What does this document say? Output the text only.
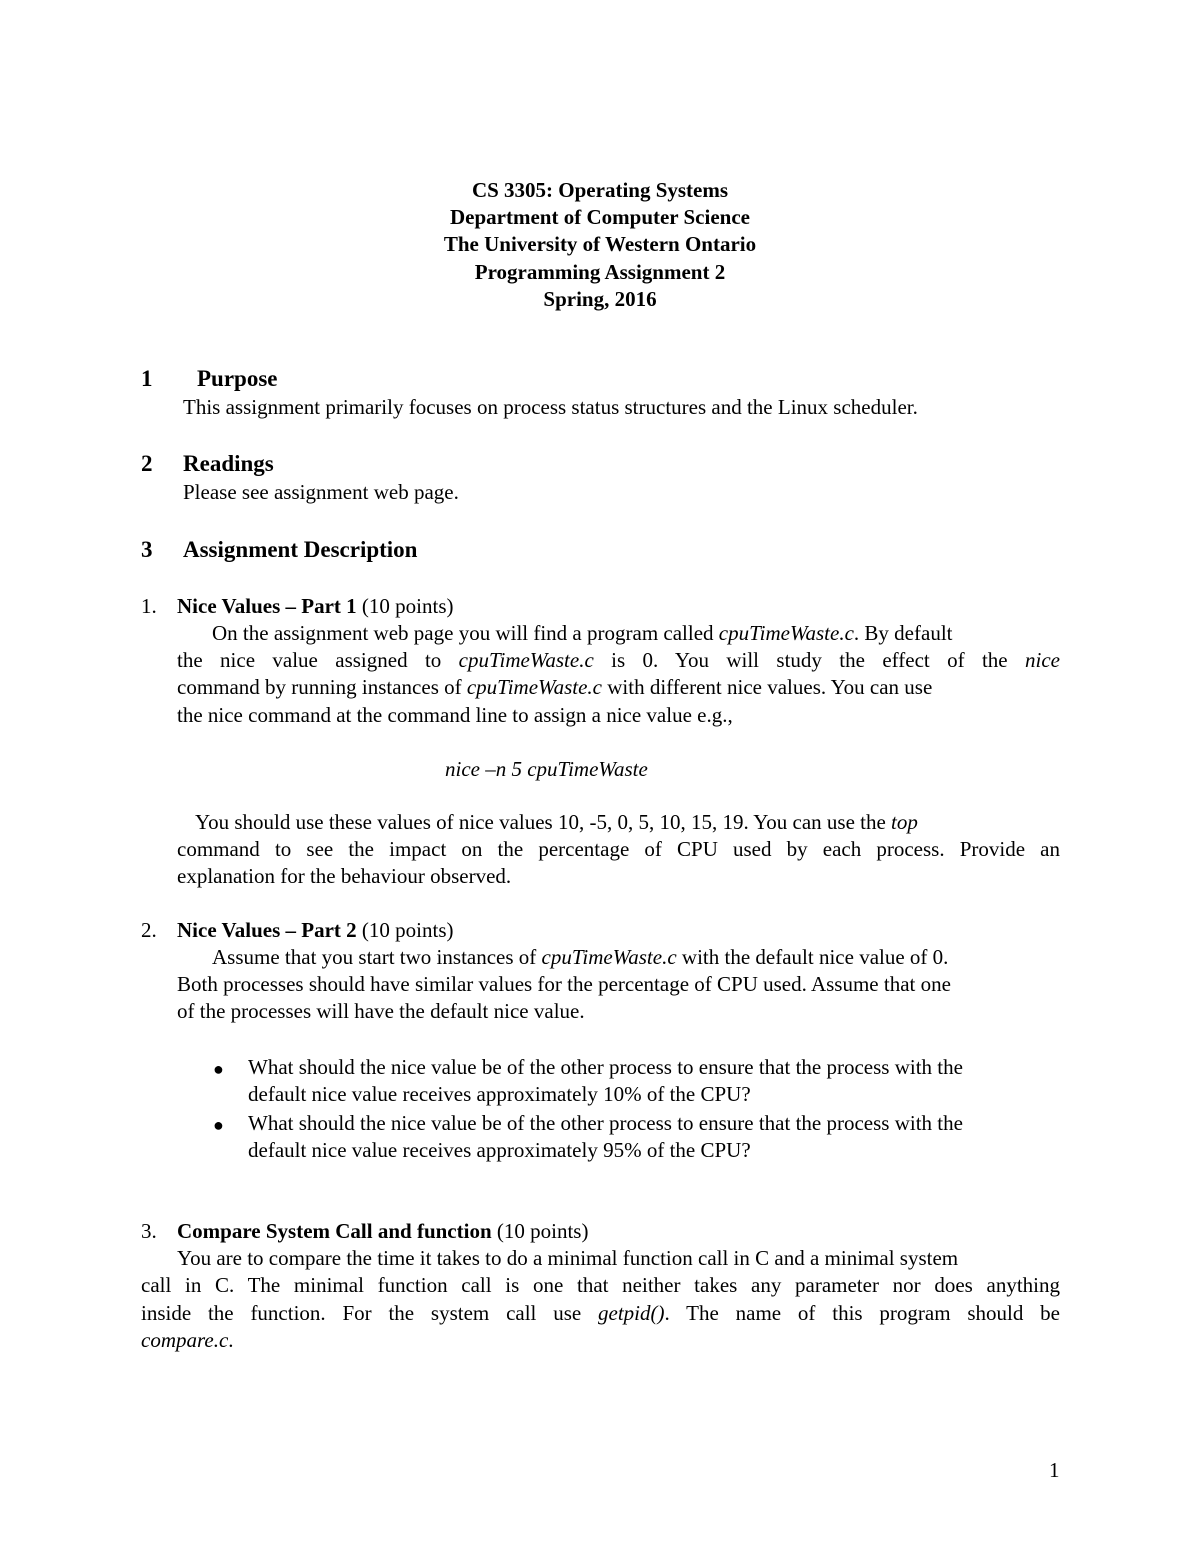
CS 3305: Operating Systems
Department of Computer Science
The University of Western Ontario
Programming Assignment 2
Spring, 2016
1 Purpose
This assignment primarily focuses on process status structures and the Linux scheduler.
2 Readings
Please see assignment web page.
3 Assignment Description
1. Nice Values – Part 1 (10 points)
On the assignment web page you will find a program called cpuTimeWaste.c. By default
the nice value assigned to cpuTimeWaste.c is 0. You will study the effect of the nice
command by running instances of cpuTimeWaste.c with different nice values. You can use
the nice command at the command line to assign a nice value e.g.,
nice –n 5 cpuTimeWaste
You should use these values of nice values 10, -5, 0, 5, 10, 15, 19. You can use the top
command to see the impact on the percentage of CPU used by each process. Provide an
explanation for the behaviour observed.
2. Nice Values – Part 2 (10 points)
Assume that you start two instances of cpuTimeWaste.c with the default nice value of 0.
Both processes should have similar values for the percentage of CPU used. Assume that one
of the processes will have the default nice value.
● What should the nice value be of the other process to ensure that the process with the
default nice value receives approximately 10% of the CPU?
● What should the nice value be of the other process to ensure that the process with the
default nice value receives approximately 95% of the CPU?
3. Compare System Call and function (10 points)
You are to compare the time it takes to do a minimal function call in C and a minimal system
call in C. The minimal function call is one that neither takes any parameter nor does anything
inside the function. For the system call use getpid(). The name of this program should be
compare.c.
1
